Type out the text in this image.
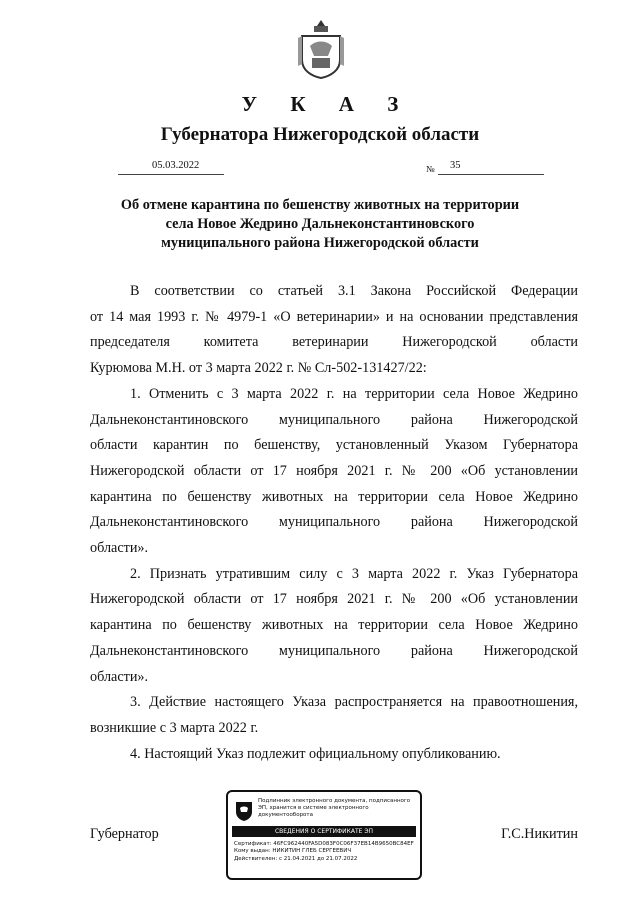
У К А З
Губернатора Нижегородской области
05.03.2022	№	35
Об отмене карантина по бешенству животных на территории
села Новое Жедрино Дальнеконстантиновского
муниципального района Нижегородской области
В соответствии со статьей 3.1 Закона Российской Федерации
от 14 мая 1993 г. № 4979-1 «О ветеринарии» и на основании представления
председателя комитета ветеринарии Нижегородской области
Курюмова М.Н. от 3 марта 2022 г. № Сл-502-131427/22:
1. Отменить с 3 марта 2022 г. на территории села Новое Жедрино
Дальнеконстантиновского муниципального района Нижегородской
области карантин по бешенству, установленный Указом Губернатора
Нижегородской области от 17 ноября 2021 г. № 200 «Об установлении
карантина по бешенству животных на территории села Новое Жедрино
Дальнеконстантиновского муниципального района Нижегородской
области».
2. Признать утратившим силу с 3 марта 2022 г. Указ Губернатора
Нижегородской области от 17 ноября 2021 г. № 200 «Об установлении
карантина по бешенству животных на территории села Новое Жедрино
Дальнеконстантиновского муниципального района Нижегородской
области».
3. Действие настоящего Указа распространяется на правоотношения,
возникшие с 3 марта 2022 г.
4. Настоящий Указ подлежит официальному опубликованию.
Губернатор	Г.С.Никитин
Подлинник электронного документа, подписанного ЭП, хранится в системе электронного документооборота
СВЕДЕНИЯ О СЕРТИФИКАТЕ ЭП
Сертификат: 46FC962440FA5D083F0C06F37EB14B9650BC84EF
Кому выдан: НИКИТИН ГЛЕБ СЕРГЕЕВИЧ
Действителен: с 21.04.2021 до 21.07.2022
